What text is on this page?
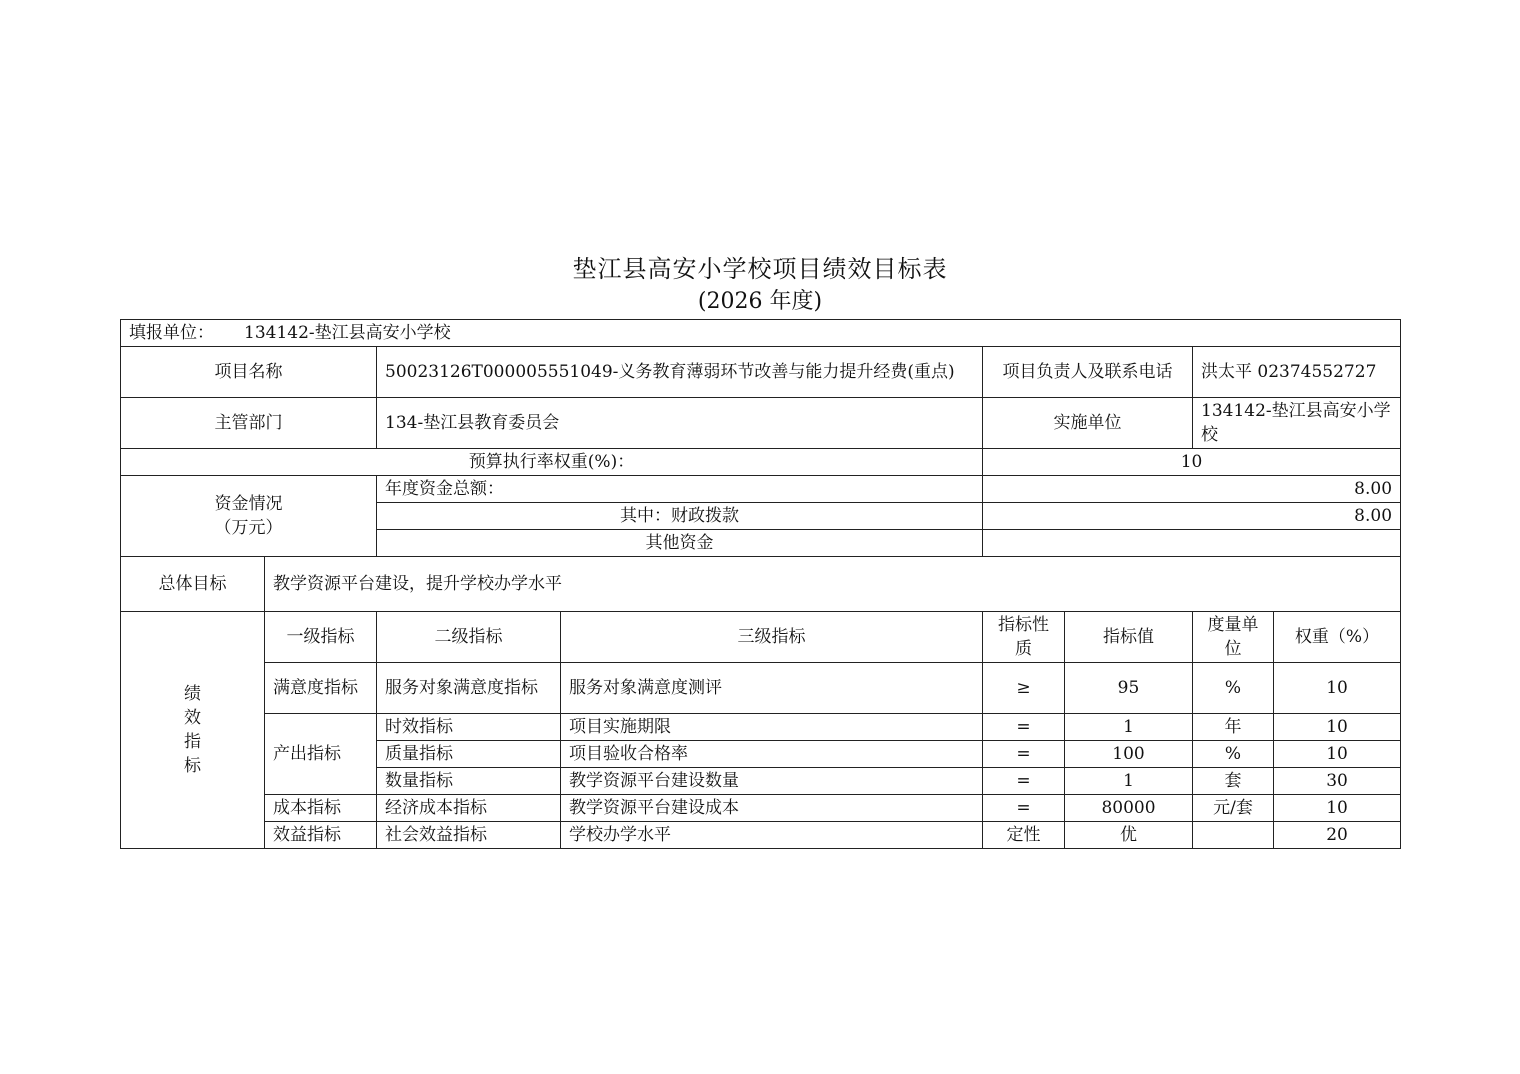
垫江县高安小学校项目绩效目标表
(2026 年度)
填报单位： 134142-垫江县高安小学校							
项目名称		50023126T000005551049-义务教育薄弱环节改善与能力提升经费(重点)		项目负责人及联系电话		洪太平 02374552727	
主管部门		134-垫江县教育委员会		实施单位		134142-垫江县高安小学校	
预算执行率权重(%)：				10			

资金情况
（万元）		年度资金总额：		8.00			
		其中：财政拨款		8.00			
		其他资金					
总体目标	教学资源平台建设，提升学校办学水平						

绩
效
指
标	一级指标	二级指标	三级指标	指标性质	指标值	度量单位	权重（%）
	满意度指标	服务对象满意度指标	服务对象满意度测评	≥	95	%	10
	产出指标	时效指标	项目实施期限	=	1	年	10
		质量指标	项目验收合格率	=	100	%	10
		数量指标	教学资源平台建设数量	=	1	套	30
	成本指标	经济成本指标	教学资源平台建设成本	=	80000	元/套	10
	效益指标	社会效益指标	学校办学水平	定性	优		20
